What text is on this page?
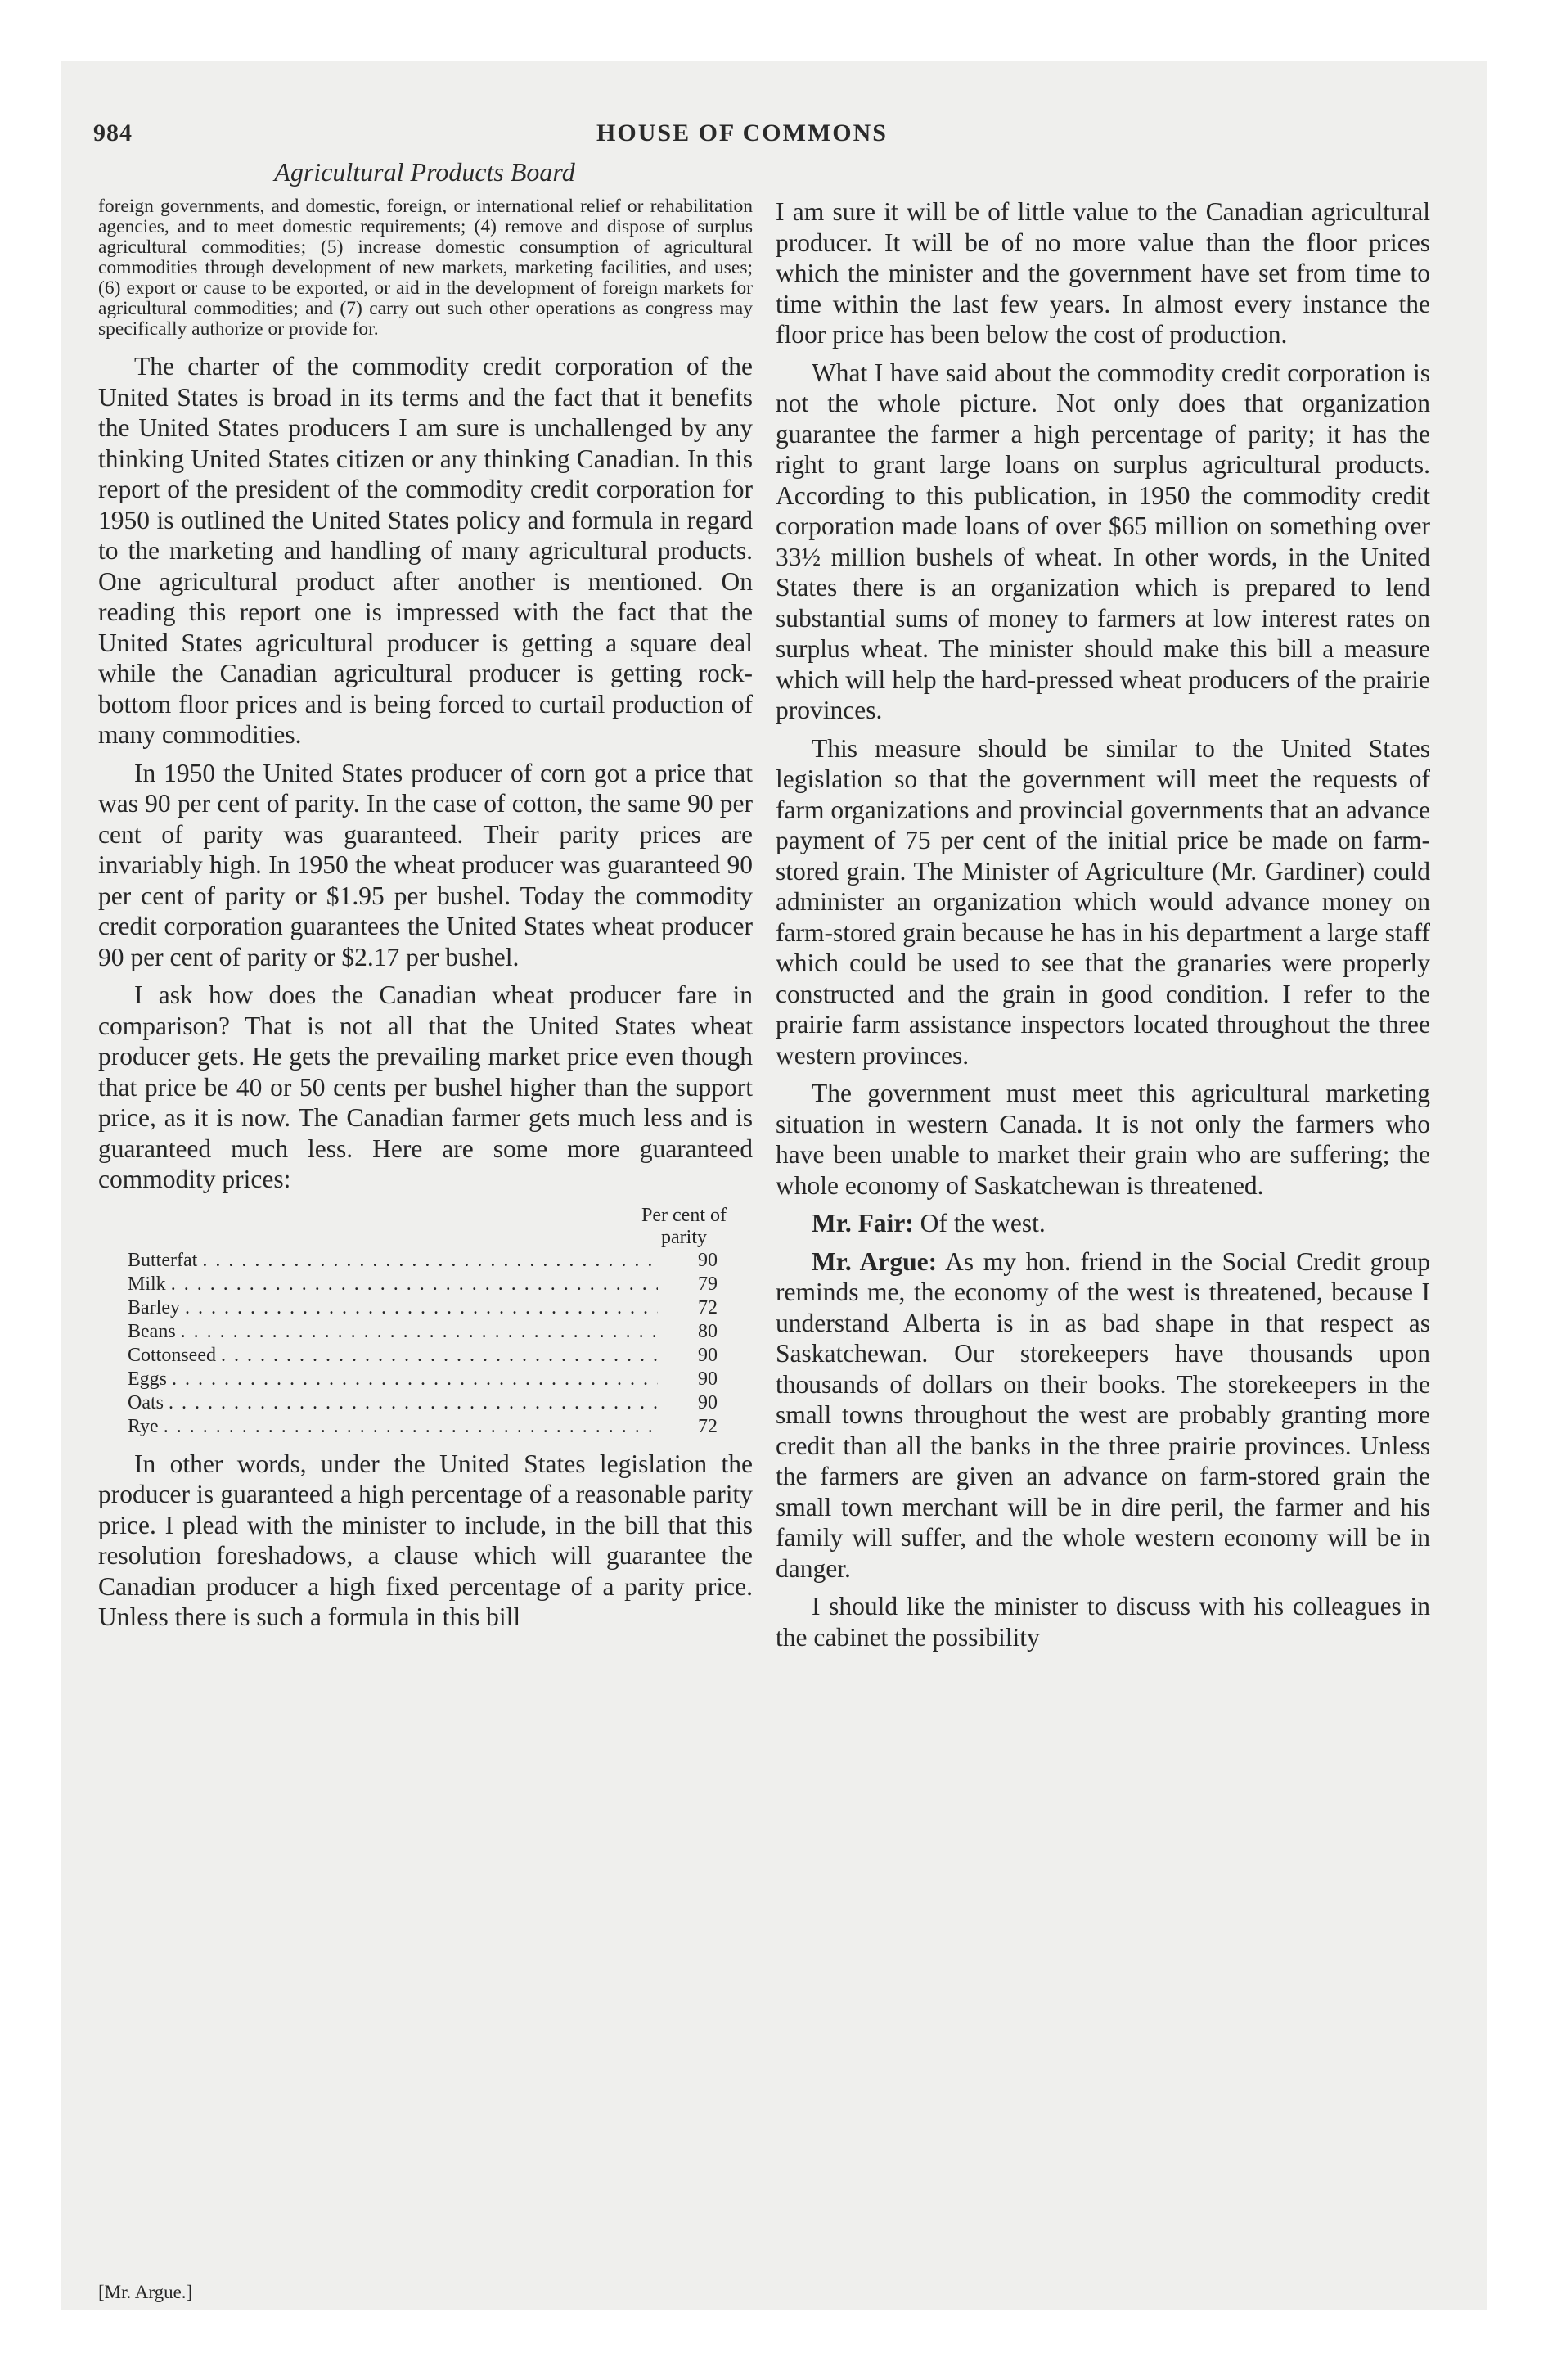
984	HOUSE OF COMMONS
Agricultural Products Board

foreign governments, and domestic, foreign, or international relief or rehabilitation agencies, and to meet domestic requirements; (4) remove and dispose of surplus agricultural commodities; (5) increase domestic consumption of agricultural commodities through development of new markets, marketing facilities, and uses; (6) export or cause to be exported, or aid in the development of foreign markets for agricultural commodities; and (7) carry out such other operations as congress may specifically authorize or provide for.

The charter of the commodity credit corporation of the United States is broad in its terms and the fact that it benefits the United States producers I am sure is unchallenged by any thinking United States citizen or any thinking Canadian. In this report of the president of the commodity credit corporation for 1950 is outlined the United States policy and formula in regard to the marketing and handling of many agricultural products. One agricultural product after another is mentioned. On reading this report one is impressed with the fact that the United States agricultural producer is getting a square deal while the Canadian agricultural producer is getting rock-bottom floor prices and is being forced to curtail production of many commodities.

In 1950 the United States producer of corn got a price that was 90 per cent of parity. In the case of cotton, the same 90 per cent of parity was guaranteed. Their parity prices are invariably high. In 1950 the wheat producer was guaranteed 90 per cent of parity or $1.95 per bushel. Today the commodity credit corporation guarantees the United States wheat producer 90 per cent of parity or $2.17 per bushel.

I ask how does the Canadian wheat producer fare in comparison? That is not all that the United States wheat producer gets. He gets the prevailing market price even though that price be 40 or 50 cents per bushel higher than the support price, as it is now. The Canadian farmer gets much less and is guaranteed much less. Here are some more guaranteed commodity prices:

Per cent of
parity
Butterfat . . .	90
Milk . . .	79
Barley . . .	72
Beans . . .	80
Cottonseed . . .	90
Eggs . . .	90
Oats . . .	90
Rye . . .	72

In other words, under the United States legislation the producer is guaranteed a high percentage of a reasonable parity price. I plead with the minister to include, in the bill that this resolution foreshadows, a clause which will guarantee the Canadian producer a high fixed percentage of a parity price. Unless there is such a formula in this bill

I am sure it will be of little value to the Canadian agricultural producer. It will be of no more value than the floor prices which the minister and the government have set from time to time within the last few years. In almost every instance the floor price has been below the cost of production.

What I have said about the commodity credit corporation is not the whole picture. Not only does that organization guarantee the farmer a high percentage of parity; it has the right to grant large loans on surplus agricultural products. According to this publication, in 1950 the commodity credit corporation made loans of over $65 million on something over 33½ million bushels of wheat. In other words, in the United States there is an organization which is prepared to lend substantial sums of money to farmers at low interest rates on surplus wheat. The minister should make this bill a measure which will help the hard-pressed wheat producers of the prairie provinces.

This measure should be similar to the United States legislation so that the government will meet the requests of farm organizations and provincial governments that an advance payment of 75 per cent of the initial price be made on farm-stored grain. The Minister of Agriculture (Mr. Gardiner) could administer an organization which would advance money on farm-stored grain because he has in his department a large staff which could be used to see that the granaries were properly constructed and the grain in good condition. I refer to the prairie farm assistance inspectors located throughout the three western provinces.

The government must meet this agricultural marketing situation in western Canada. It is not only the farmers who have been unable to market their grain who are suffering; the whole economy of Saskatchewan is threatened.

Mr. Fair: Of the west.

Mr. Argue: As my hon. friend in the Social Credit group reminds me, the economy of the west is threatened, because I understand Alberta is in as bad shape in that respect as Saskatchewan. Our storekeepers have thousands upon thousands of dollars on their books. The storekeepers in the small towns throughout the west are probably granting more credit than all the banks in the three prairie provinces. Unless the farmers are given an advance on farm-stored grain the small town merchant will be in dire peril, the farmer and his family will suffer, and the whole western economy will be in danger.

I should like the minister to discuss with his colleagues in the cabinet the possibility

[Mr. Argue.]
